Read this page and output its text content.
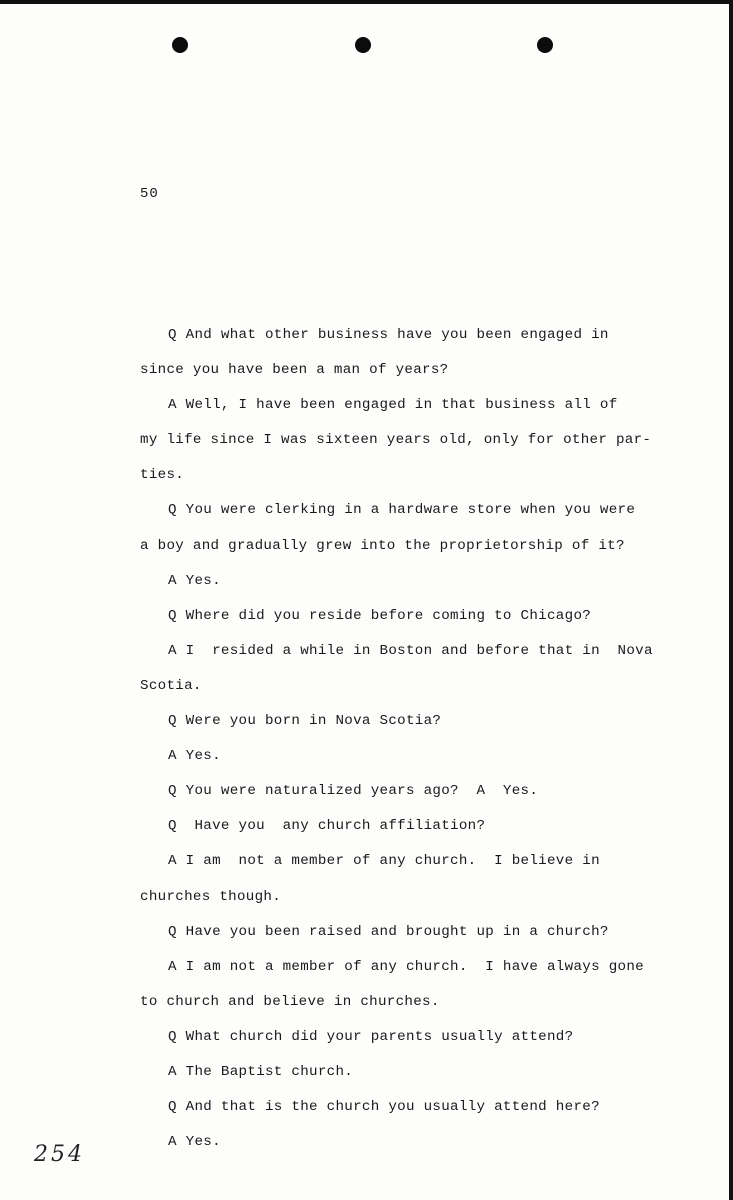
50
Q And what other business have you been engaged in
since you have been a man of years?
A Well, I have been engaged in that business all of
my life since I was sixteen years old, only for other par-
ties.
Q You were clerking in a hardware store when you were
a boy and gradually grew into the proprietorship of it?
A Yes.
Q Where did you reside before coming to Chicago?
A I  resided a while in Boston and before that in  Nova
Scotia.
Q Were you born in Nova Scotia?
A Yes.
Q You were naturalized years ago?  A  Yes.
Q  Have you  any church affiliation?
A I am  not a member of any church.  I believe in
churches though.
Q Have you been raised and brought up in a church?
A I am not a member of any church.  I have always gone
to church and believe in churches.
Q What church did your parents usually attend?
A The Baptist church.
Q And that is the church you usually attend here?
A Yes.
254
